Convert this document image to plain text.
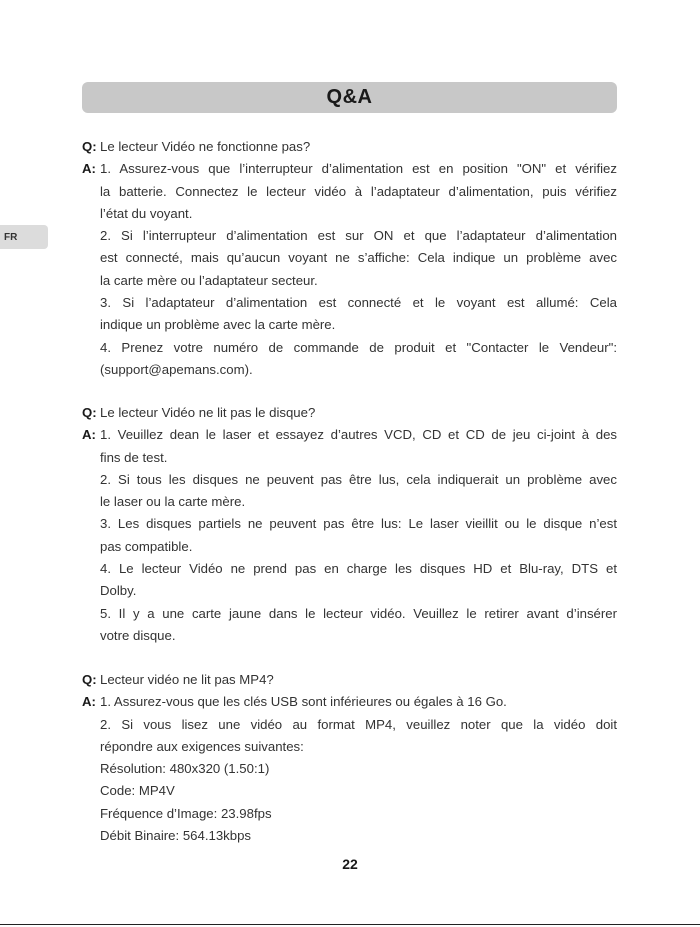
Q&A
FR
Q: Le lecteur Vidéo ne fonctionne pas?
A: 1. Assurez-vous que l’interrupteur d’alimentation est en position "ON" et vérifiez
la batterie. Connectez le lecteur vidéo à l’adaptateur d’alimentation, puis vérifiez
l’état du voyant.
2. Si l’interrupteur d’alimentation est sur ON et que l’adaptateur d’alimentation
est connecté, mais qu’aucun voyant ne s’affiche: Cela indique un problème avec
la carte mère ou l’adaptateur secteur.
3. Si l’adaptateur d’alimentation est connecté et le voyant est allumé: Cela
indique un problème avec la carte mère.
4. Prenez votre numéro de commande de produit et "Contacter le Vendeur":
(support@apemans.com).
Q: Le lecteur Vidéo ne lit pas le disque?
A: 1. Veuillez dean le laser et essayez d’autres VCD, CD et CD de jeu ci-joint à des
fins de test.
2. Si tous les disques ne peuvent pas être lus, cela indiquerait un problème avec
le laser ou la carte mère.
3. Les disques partiels ne peuvent pas être lus: Le laser vieillit ou le disque n’est
pas compatible.
4. Le lecteur Vidéo ne prend pas en charge les disques HD et Blu-ray, DTS et
Dolby.
5. Il y a une carte jaune dans le lecteur vidéo. Veuillez le retirer avant d’insérer
votre disque.
Q: Lecteur vidéo ne lit pas MP4?
A: 1. Assurez-vous que les clés USB sont inférieures ou égales à 16 Go.
2. Si vous lisez une vidéo au format MP4, veuillez noter que la vidéo doit
répondre aux exigences suivantes:
Résolution: 480x320 (1.50:1)
Code: MP4V
Fréquence d’Image: 23.98fps
Débit Binaire: 564.13kbps
22
